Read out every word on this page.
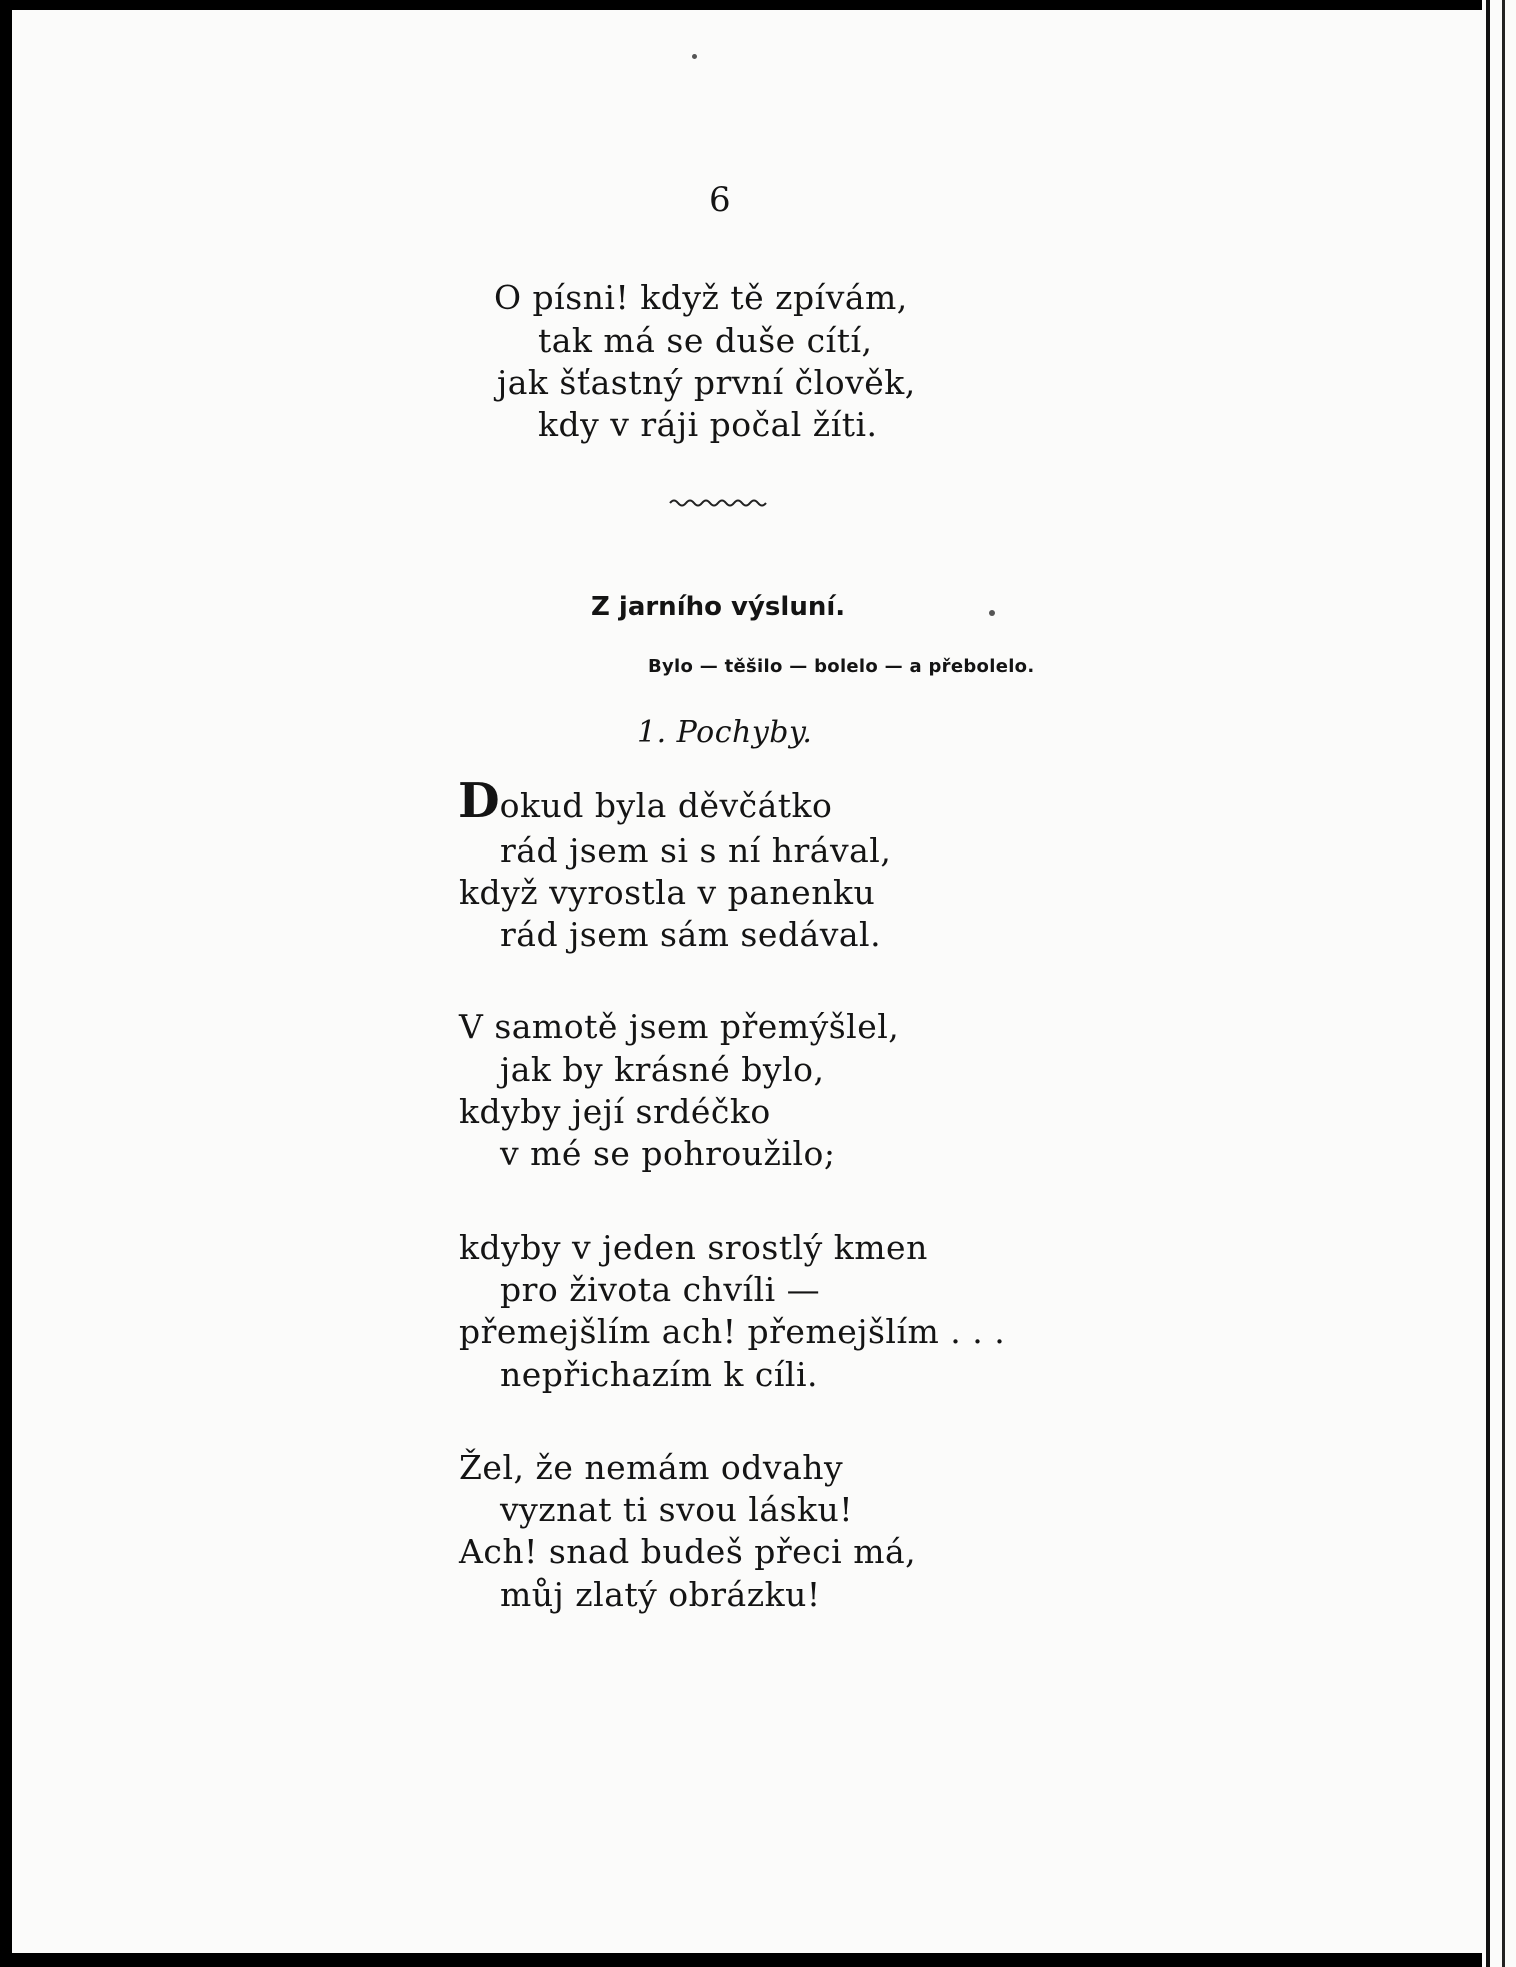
6
O písni! když tě zpívám,
tak má se duše cítí,
jak šťastný první člověk,
kdy v ráji počal žíti.
Z jarního výsluní.
Bylo — těšilo — bolelo — a přebolelo.
1. Pochyby.
Dokud byla děvčátko
rád jsem si s ní hrával,
když vyrostla v panenku
rád jsem sám sedával.
V samotě jsem přemýšlel,
jak by krásné bylo,
kdyby její srdéčko
v mé se pohroužilo;
kdyby v jeden srostlý kmen
pro života chvíli —
přemejšlím ach! přemejšlím . . .
nepřichazím k cíli.
Žel, že nemám odvahy
vyznat ti svou lásku!
Ach! snad budeš přeci má,
můj zlatý obrázku!
